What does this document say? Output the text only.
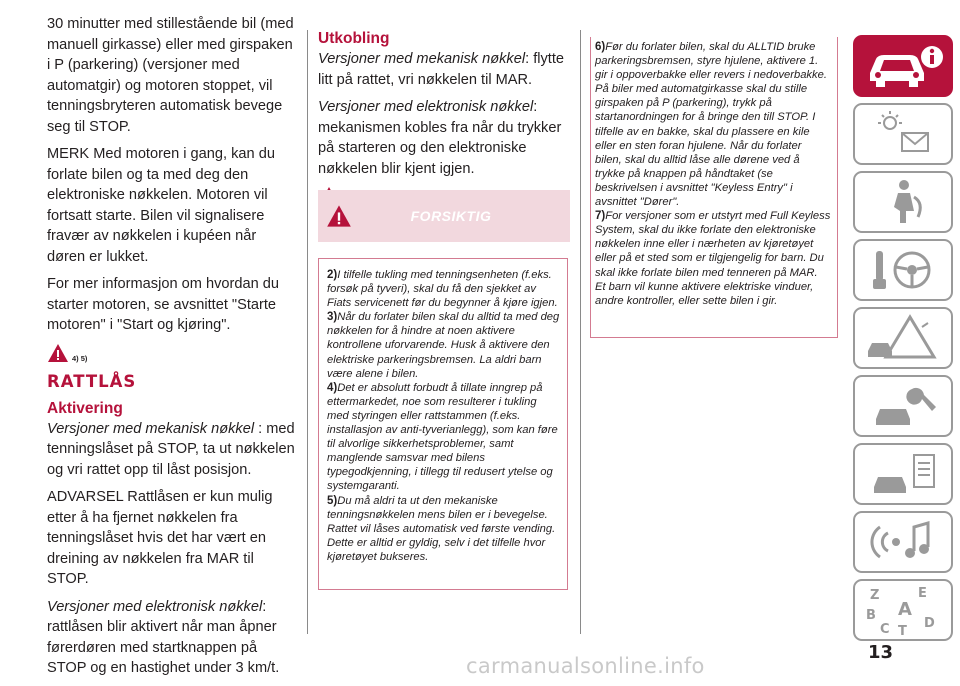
30 minutter med stillestående bil (med manuell girkasse) eller med girspaken i P (parkering) (versjoner med automatgir) og motoren stoppet, vil tenningsbryteren automatisk bevege seg til STOP.

MERK Med motoren i gang, kan du forlate bilen og ta med deg den elektroniske nøkkelen. Motoren vil fortsatt starte. Bilen vil signalisere fravær av nøkkelen i kupéen når døren er lukket.

For mer informasjon om hvordan du starter motoren, se avsnittet "Starte motoren" i "Start og kjøring".

4) 5)
RATTLÅS
Aktivering

Versjoner med mekanisk nøkkel : med tenningslåset på STOP, ta ut nøkkelen og vri rattet opp til låst posisjon.

ADVARSEL Rattlåsen er kun mulig etter å ha fjernet nøkkelen fra tenningslåset hvis det har vært en dreining av nøkkelen fra MAR til STOP.

Versjoner med elektronisk nøkkel: rattlåsen blir aktivert når man åpner førerdøren med startknappen på STOP og en hastighet under 3 km/t.

Utkobling

Versjoner med mekanisk nøkkel: flytte litt på rattet, vri nøkkelen til MAR.

Versjoner med elektronisk nøkkel: mekanismen kobles fra når du trykker på starteren og den elektroniske nøkkelen blir kjent igjen.

FORSIKTIG

2)I tilfelle tukling med tenningsenheten (f.eks. forsøk på tyveri), skal du få den sjekket av Fiats servicenett før du begynner å kjøre igjen.

3)Når du forlater bilen skal du alltid ta med deg nøkkelen for å hindre at noen aktivere kontrollene uforvarende. Husk å aktivere den elektriske parkeringsbremsen. La aldri barn være alene i bilen.

4)Det er absolutt forbudt å tillate inngrep på ettermarkedet, noe som resulterer i tukling med styringen eller rattstammen (f.eks. installasjon av anti-tyverianlegg), som kan føre til alvorlige sikkerhetsproblemer, samt manglende samsvar med bilens typegodkjenning, i tillegg til redusert ytelse og systemgaranti.

5)Du må aldri ta ut den mekaniske tenningsnøkkelen mens bilen er i bevegelse. Rattet vil låses automatisk ved første vending. Dette er alltid er gyldig, selv i det tilfelle hvor kjøretøyet bukseres.

6)Før du forlater bilen, skal du ALLTID bruke parkeringsbremsen, styre hjulene, aktivere 1. gir i oppoverbakke eller revers i nedoverbakke. På biler med automatgirkasse skal du stille girspaken på P (parkering), trykk på startanordningen for å bringe den till STOP. I tilfelle av en bakke, skal du plassere en kile eller en sten foran hjulene. Når du forlater bilen, skal du alltid låse alle dørene ved å trykke på knappen på håndtaket (se beskrivelsen i avsnittet "Keyless Entry" i avsnittet "Dører".

7)For versjoner som er utstyrt med Full Keyless System, skal du ikke forlate den elektroniske nøkkelen inne eller i nærheten av kjøretøyet eller på et sted som er tilgjengelig for barn. Du skal ikke forlate bilen med tenneren på MAR. Et barn vil kunne aktivere elektriske vinduer, andre kontroller, eller sette bilen i gir.

Z	E
B A
C T
D
13
carmanualsonline.info
